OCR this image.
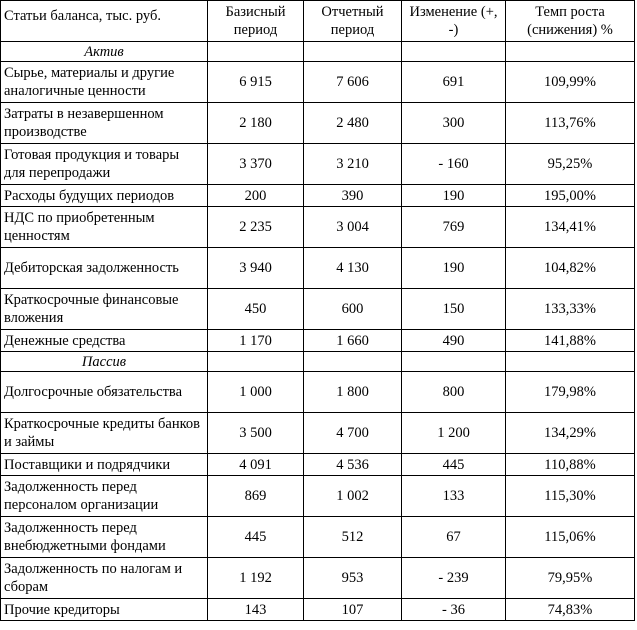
Статьи баланса, тыс. руб.	Базисный период	Отчетный период	Изменение (+, -)	Темп роста (снижения) %
Актив				
Сырье, материалы и другие аналогичные ценности	6 915	7 606	691	109,99%
Затраты в незавершенном производстве	2 180	2 480	300	113,76%
Готовая продукция и товары для перепродажи	3 370	3 210	- 160	95,25%
Расходы будущих периодов	200	390	190	195,00%
НДС по приобретенным ценностям	2 235	3 004	769	134,41%
Дебиторская задолженность	3 940	4 130	190	104,82%
Краткосрочные финансовые вложения	450	600	150	133,33%
Денежные средства	1 170	1 660	490	141,88%
Пассив				
Долгосрочные обязательства	1 000	1 800	800	179,98%
Краткосрочные кредиты банков и займы	3 500	4 700	1 200	134,29%
Поставщики и подрядчики	4 091	4 536	445	110,88%
Задолженность перед персоналом организации	869	1 002	133	115,30%
Задолженность перед внебюджетными фондами	445	512	67	115,06%
Задолженность по налогам и сборам	1 192	953	- 239	79,95%
Прочие кредиторы	143	107	- 36	74,83%
